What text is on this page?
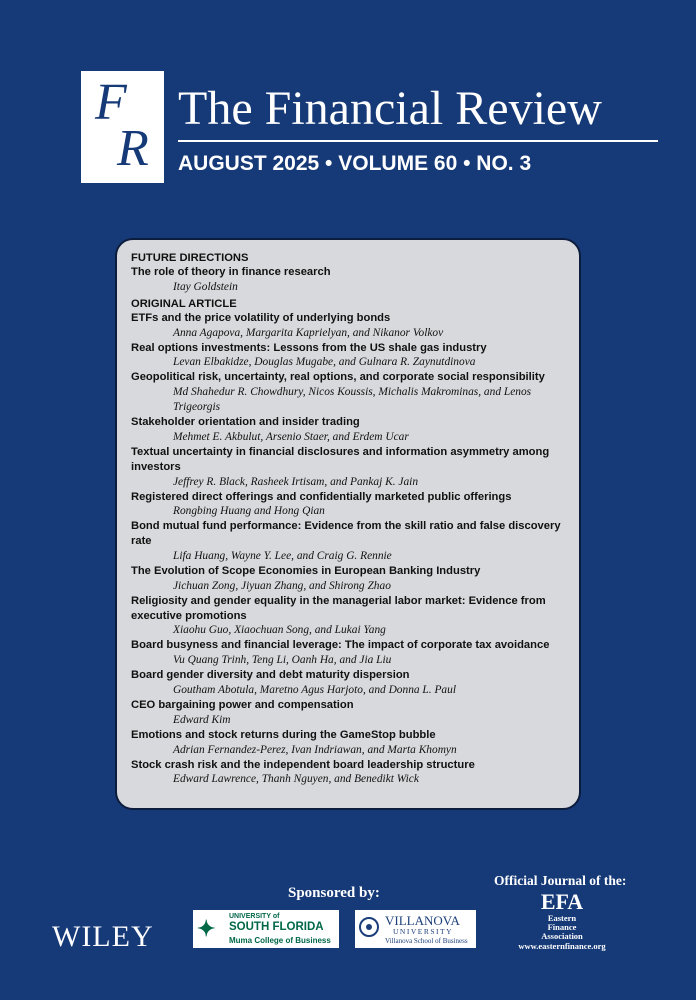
F
R
The Financial Review
AUGUST 2025 • VOLUME 60 • NO. 3
FUTURE DIRECTIONS
The role of theory in finance research
Itay Goldstein
ORIGINAL ARTICLE
ETFs and the price volatility of underlying bonds
Anna Agapova, Margarita Kaprielyan, and Nikanor Volkov
Real options investments: Lessons from the US shale gas industry
Levan Elbakidze, Douglas Mugabe, and Gulnara R. Zaynutdinova
Geopolitical risk, uncertainty, real options, and corporate social responsibility
Md Shahedur R. Chowdhury, Nicos Koussis, Michalis Makrominas, and Lenos Trigeorgis
Stakeholder orientation and insider trading
Mehmet E. Akbulut, Arsenio Staer, and Erdem Ucar
Textual uncertainty in financial disclosures and information asymmetry among investors
Jeffrey R. Black, Rasheek Irtisam, and Pankaj K. Jain
Registered direct offerings and confidentially marketed public offerings
Rongbing Huang and Hong Qian
Bond mutual fund performance: Evidence from the skill ratio and false discovery rate
Lifa Huang, Wayne Y. Lee, and Craig G. Rennie
The Evolution of Scope Economies in European Banking Industry
Jichuan Zong, Jiyuan Zhang, and Shirong Zhao
Religiosity and gender equality in the managerial labor market: Evidence from executive promotions
Xiaohu Guo, Xiaochuan Song, and Lukai Yang
Board busyness and financial leverage: The impact of corporate tax avoidance
Vu Quang Trinh, Teng Li, Oanh Ha, and Jia Liu
Board gender diversity and debt maturity dispersion
Goutham Abotula, Maretno Agus Harjoto, and Donna L. Paul
CEO bargaining power and compensation
Edward Kim
Emotions and stock returns during the GameStop bubble
Adrian Fernandez-Perez, Ivan Indriawan, and Marta Khomyn
Stock crash risk and the independent board leadership structure
Edward Lawrence, Thanh Nguyen, and Benedikt Wick
Sponsored by:
WILEY ✦ UNIVERSITY of
SOUTH FLORIDA
Muma College of Business
VILLANOVA
UNIVERSITY
Villanova School of Business
Official Journal of the:
EFA
Eastern
Finance
Association
www.easternfinance.org
